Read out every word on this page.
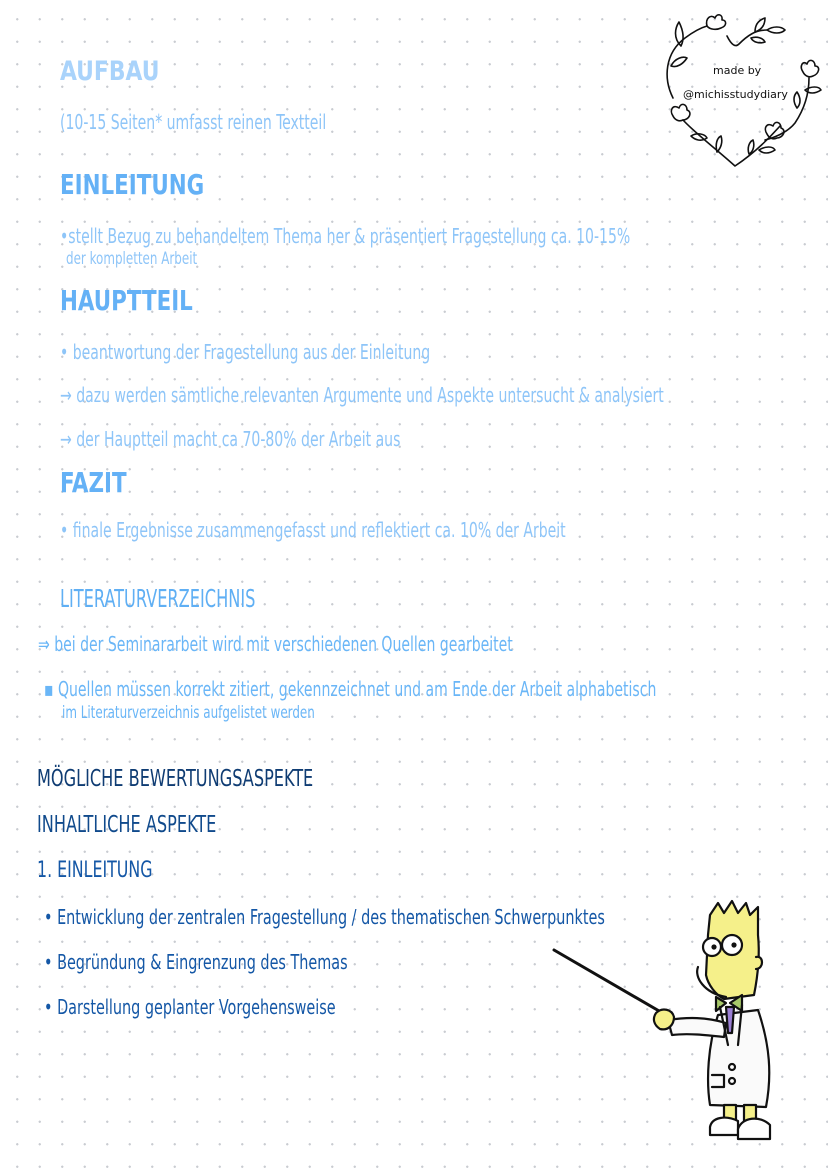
made by
@michisstudydiary
AUFBAU
(10-15 Seiten* umfasst reinen Textteil
EINLEITUNG
•stellt Bezug zu behandeltem Thema her & präsentiert Fragestellung ca. 10-15%
der kompletten Arbeit
HAUPTTEIL
• beantwortung der Fragestellung aus der Einleitung
→ dazu werden sämtliche relevanten Argumente und Aspekte untersucht & analysiert
→ der Hauptteil macht ca 70-80% der Arbeit aus
FAZIT
• finale Ergebnisse zusammengefasst und reflektiert ca. 10% der Arbeit
LITERATURVERZEICHNIS
⇒ bei der Seminararbeit wird mit verschiedenen Quellen gearbeitet
▪ Quellen müssen korrekt zitiert, gekennzeichnet und am Ende der Arbeit alphabetisch
im Literaturverzeichnis aufgelistet werden
MÖGLICHE BEWERTUNGSASPEKTE
INHALTLICHE ASPEKTE
1. EINLEITUNG
• Entwicklung der zentralen Fragestellung / des thematischen Schwerpunktes
• Begründung & Eingrenzung des Themas
• Darstellung geplanter Vorgehensweise
